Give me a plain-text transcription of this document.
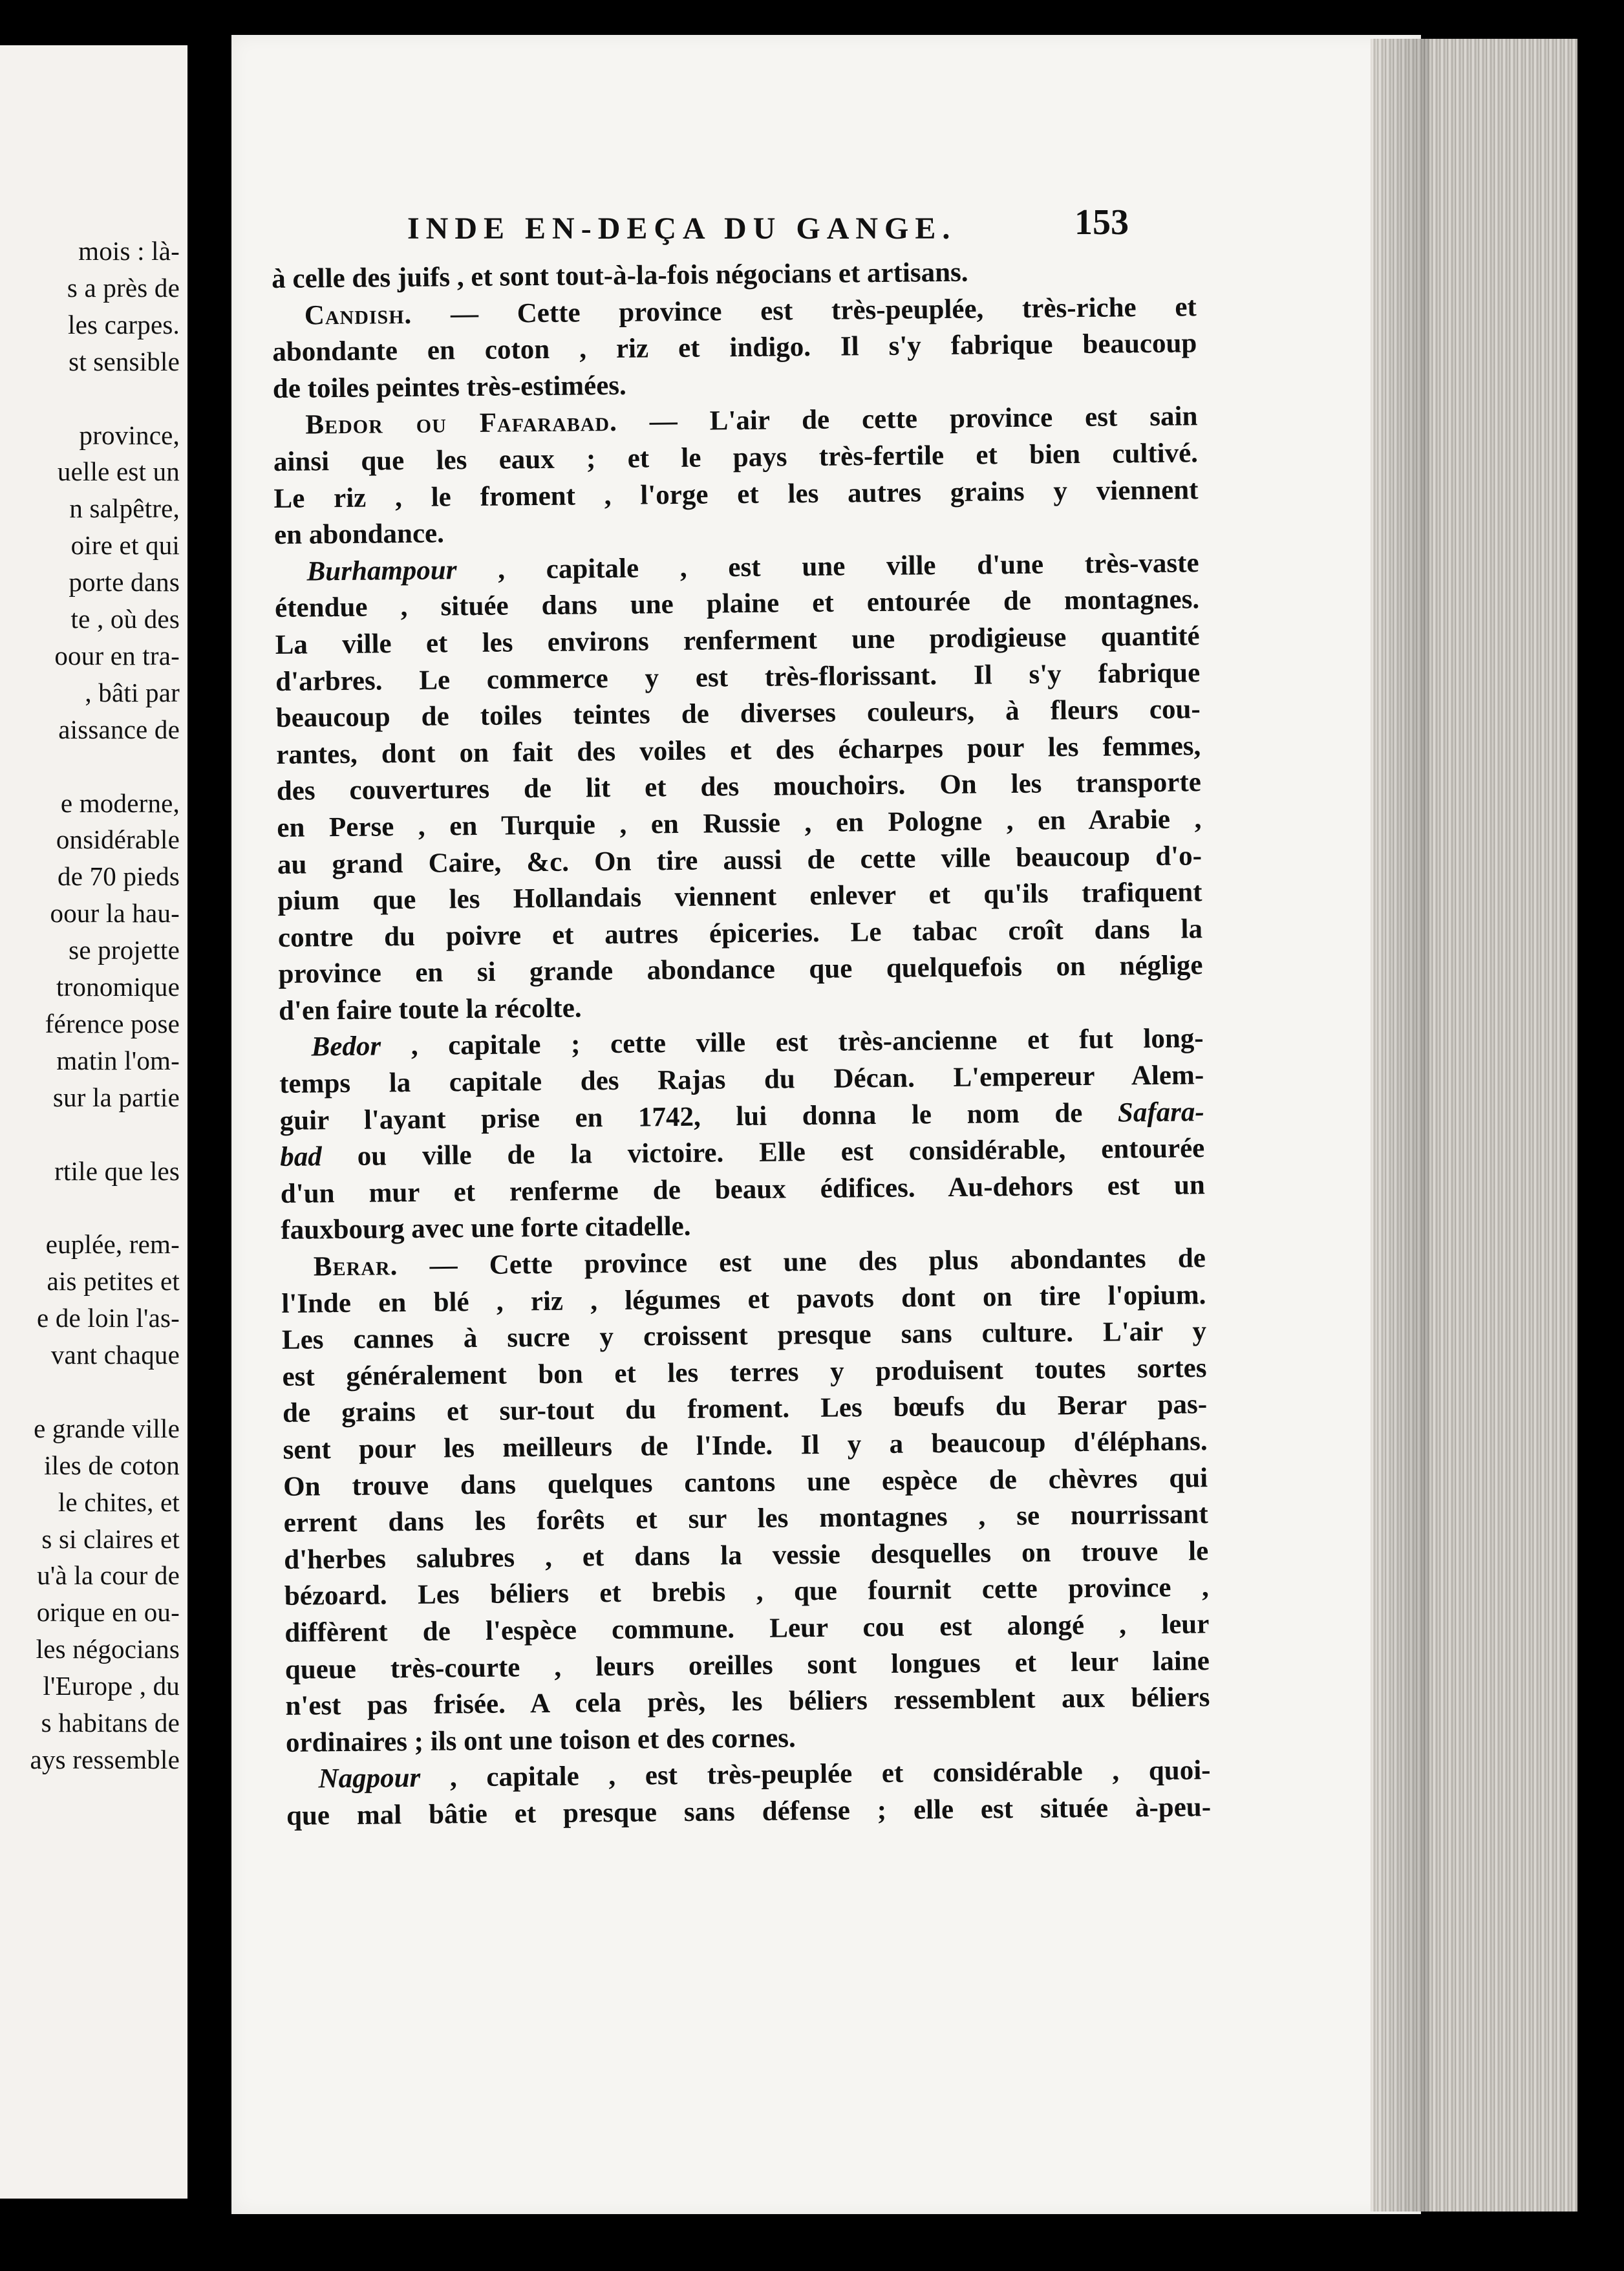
mois : là-
s a près de
les carpes.
st sensible
province,
uelle est un
n salpêtre,
oire et qui
porte dans
te , où des
oour en tra-
, bâti par
aissance de
e moderne,
onsidérable
de 70 pieds
oour la hau-
se projette
tronomique
férence pose
matin l'om-
sur la partie
rtile que les
euplée, rem-
ais petites et
e de loin l'as-
vant chaque
e grande ville
iles de coton
le chites, et
s si claires et
u'à la cour de
orique en ou-
les négocians
l'Europe , du
s habitans de
ays ressemble
INDE EN-DEÇA DU GANGE.	153
à celle des juifs , et sont tout-à-la-fois négocians et artisans.
Candish. — Cette province est très-peuplée, très-riche et
abondante en coton , riz et indigo. Il s'y fabrique beaucoup
de toiles peintes très-estimées.
Bedor ou Fafarabad. — L'air de cette province est sain
ainsi que les eaux ; et le pays très-fertile et bien cultivé.
Le riz , le froment , l'orge et les autres grains y viennent
en abondance.
Burhampour , capitale , est une ville d'une très-vaste
étendue , située dans une plaine et entourée de montagnes.
La ville et les environs renferment une prodigieuse quantité
d'arbres. Le commerce y est très-florissant. Il s'y fabrique
beaucoup de toiles teintes de diverses couleurs, à fleurs cou-
rantes, dont on fait des voiles et des écharpes pour les femmes,
des couvertures de lit et des mouchoirs. On les transporte
en Perse , en Turquie , en Russie , en Pologne , en Arabie ,
au grand Caire, &c. On tire aussi de cette ville beaucoup d'o-
pium que les Hollandais viennent enlever et qu'ils trafiquent
contre du poivre et autres épiceries. Le tabac croît dans la
province en si grande abondance que quelquefois on néglige
d'en faire toute la récolte.
Bedor , capitale ; cette ville est très-ancienne et fut long-
temps la capitale des Rajas du Décan. L'empereur Alem-
guir l'ayant prise en 1742, lui donna le nom de Safara-
bad ou ville de la victoire. Elle est considérable, entourée
d'un mur et renferme de beaux édifices. Au-dehors est un
fauxbourg avec une forte citadelle.
Berar. — Cette province est une des plus abondantes de
l'Inde en blé , riz , légumes et pavots dont on tire l'opium.
Les cannes à sucre y croissent presque sans culture. L'air y
est généralement bon et les terres y produisent toutes sortes
de grains et sur-tout du froment. Les bœufs du Berar pas-
sent pour les meilleurs de l'Inde. Il y a beaucoup d'éléphans.
On trouve dans quelques cantons une espèce de chèvres qui
errent dans les forêts et sur les montagnes , se nourrissant
d'herbes salubres , et dans la vessie desquelles on trouve le
bézoard. Les béliers et brebis , que fournit cette province ,
diffèrent de l'espèce commune. Leur cou est alongé , leur
queue très-courte , leurs oreilles sont longues et leur laine
n'est pas frisée. A cela près, les béliers ressemblent aux béliers
ordinaires ; ils ont une toison et des cornes.
Nagpour , capitale , est très-peuplée et considérable , quoi-
que mal bâtie et presque sans défense ; elle est située à-peu-
